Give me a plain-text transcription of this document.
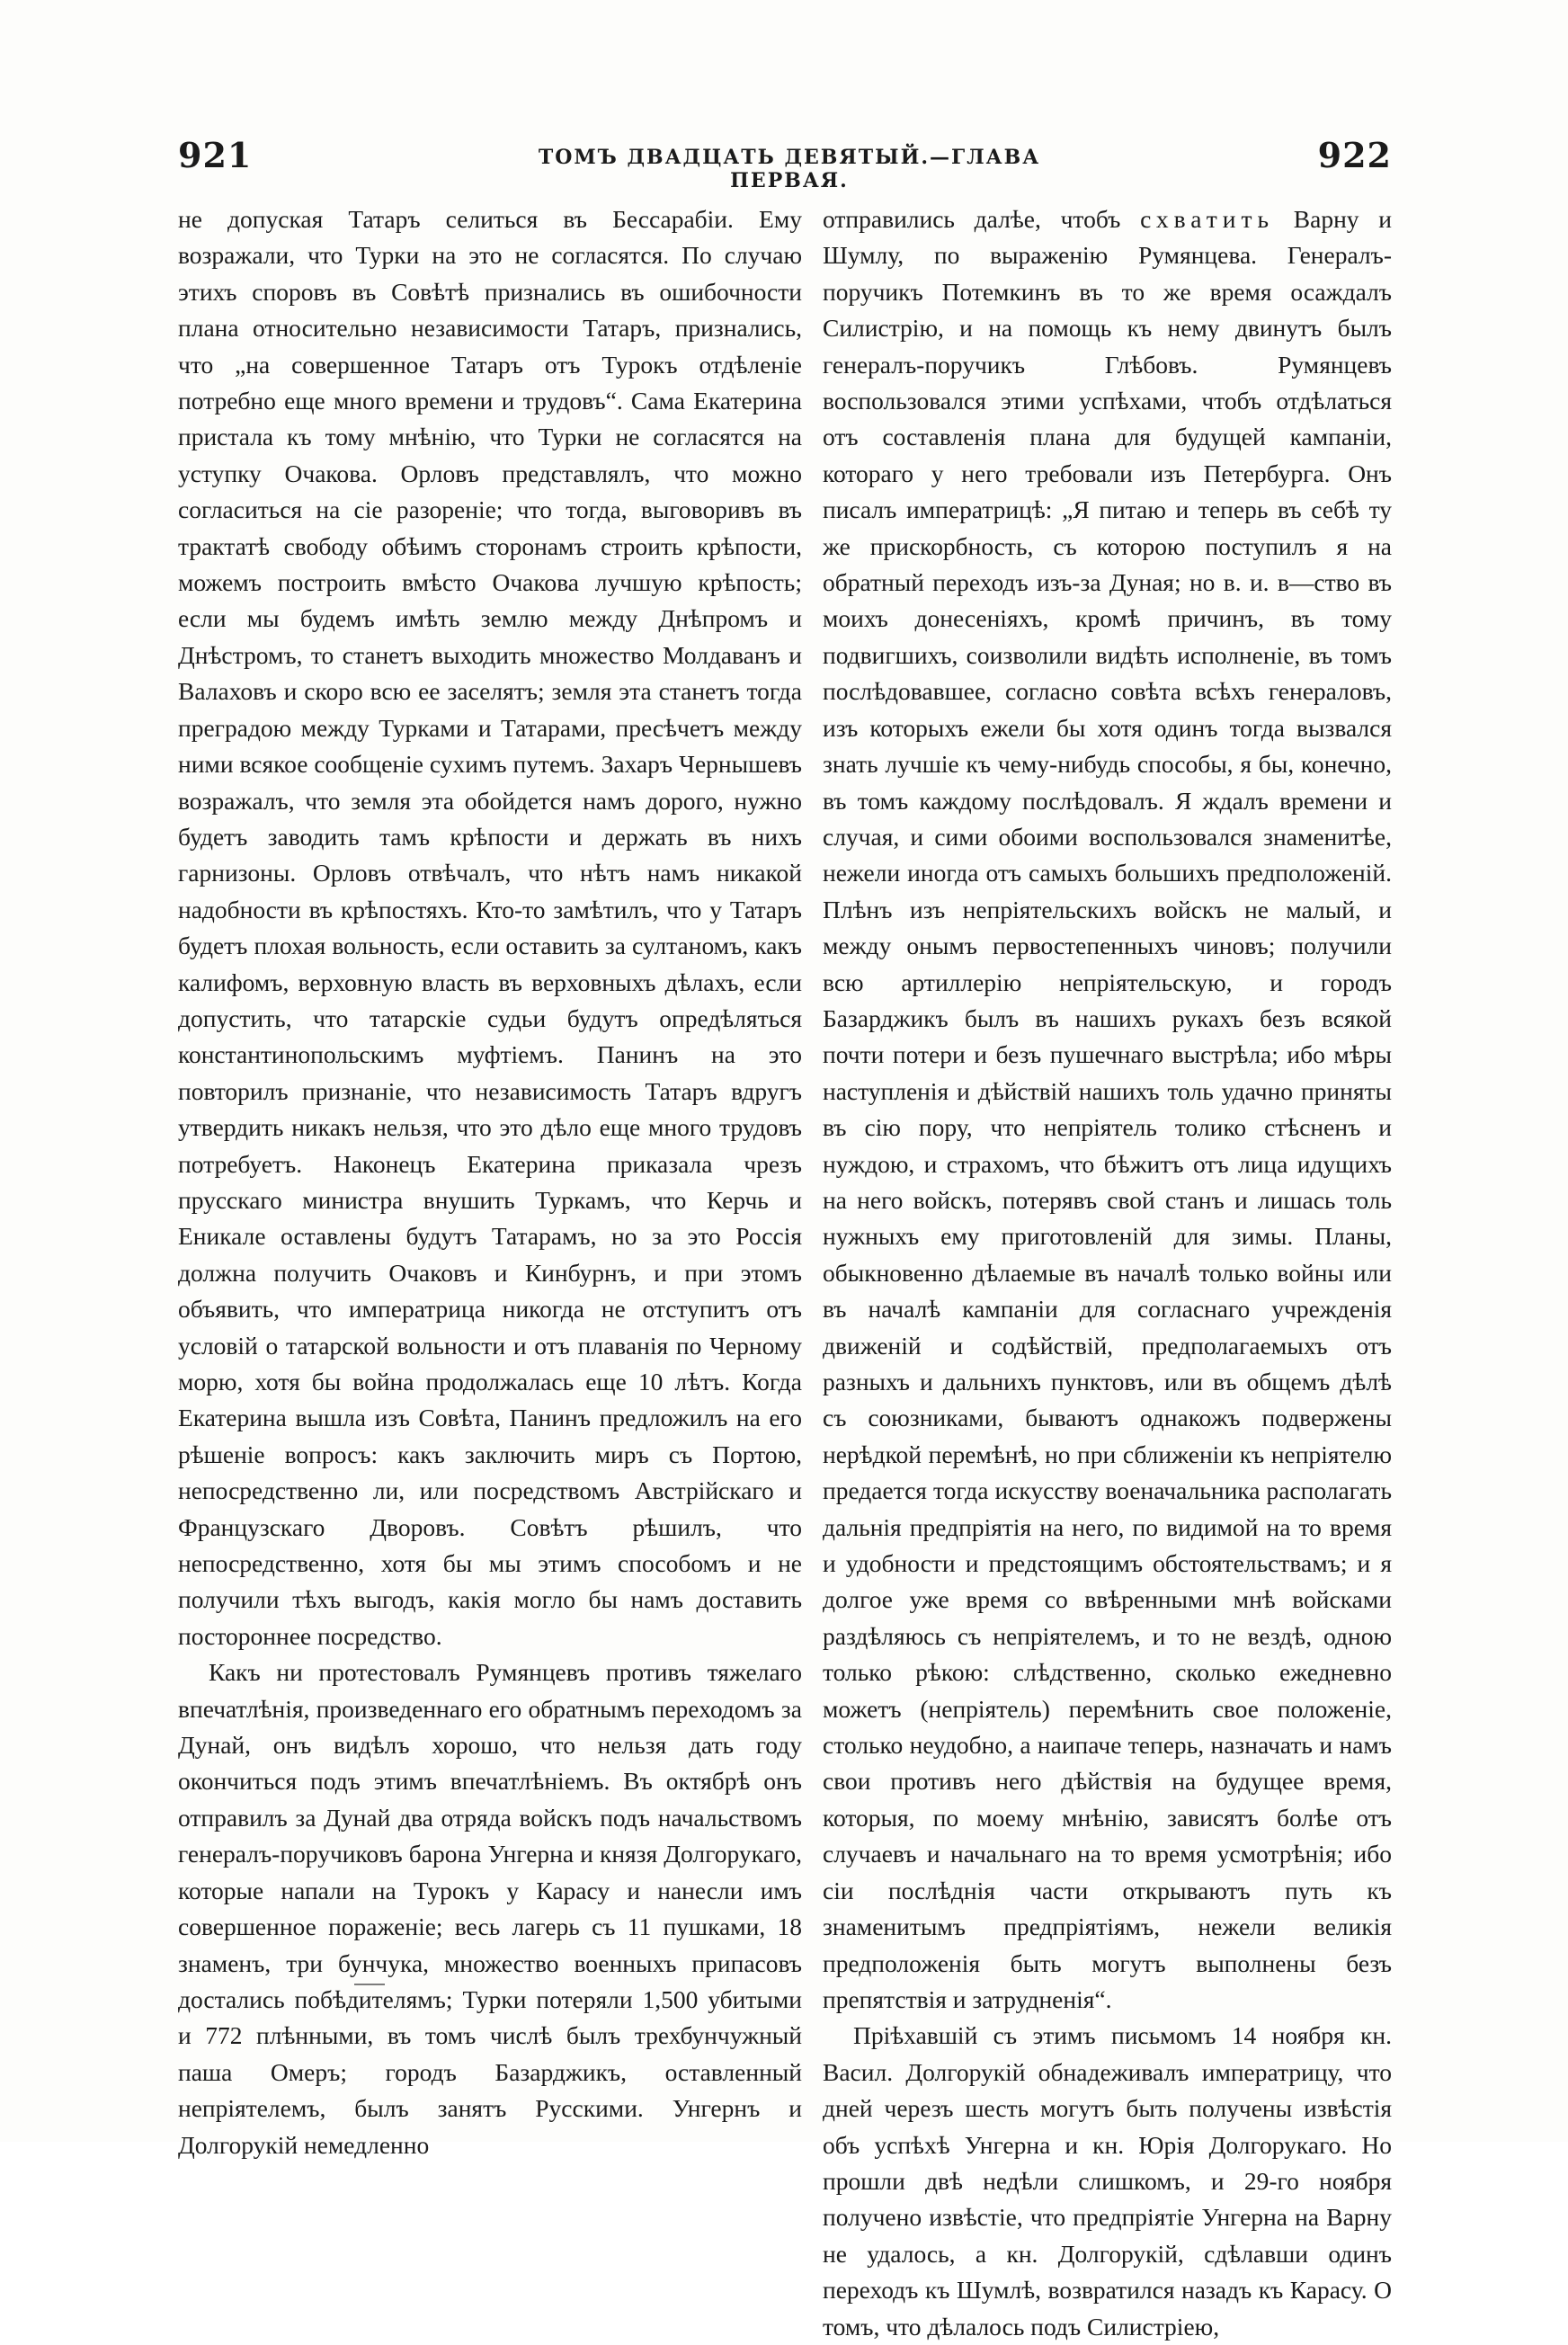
921	ТОМЪ ДВАДЦАТЬ ДЕВЯТЫЙ.—ГЛАВА ПЕРВАЯ.
922

не допуская Татаръ селиться въ Бессарабіи. Ему возражали, что Турки на это не согласятся. По случаю этихъ споровъ въ Совѣтѣ признались въ ошибочности плана относительно независимости Татаръ, признались, что „на совершенное Татаръ отъ Турокъ отдѣленіе потребно еще много времени и трудовъ“. Сама Екатерина пристала къ тому мнѣнію, что Турки не согласятся на уступку Очакова. Орловъ представлялъ, что можно согласиться на сіе разореніе; что тогда, выговоривъ въ трактатѣ свободу обѣимъ сторонамъ строить крѣпости, можемъ построить вмѣсто Очакова лучшую крѣпость; если мы будемъ имѣть землю между Днѣпромъ и Днѣстромъ, то станетъ выходить множество Молдаванъ и Валаховъ и скоро всю ее заселятъ; земля эта станетъ тогда преградою между Турками и Татарами, пресѣчетъ между ними всякое сообщеніе сухимъ путемъ. Захаръ Чернышевъ возражалъ, что земля эта обойдется намъ дорого, нужно будетъ заводить тамъ крѣпости и держать въ нихъ гарнизоны. Орловъ отвѣчалъ, что нѣтъ намъ никакой надобности въ крѣпостяхъ. Кто-то замѣтилъ, что у Татаръ будетъ плохая вольность, если оставить за султаномъ, какъ калифомъ, верховную власть въ верховныхъ дѣлахъ, если допустить, что татарскіе судьи будутъ опредѣляться константинопольскимъ муфтіемъ. Панинъ на это повторилъ признаніе, что независимость Татаръ вдругъ утвердить никакъ нельзя, что это дѣло еще много трудовъ потребуетъ. Наконецъ Екатерина приказала чрезъ прусскаго министра внушить Туркамъ, что Керчь и Еникале оставлены будутъ Татарамъ, но за это Россія должна получить Очаковъ и Кинбурнъ, и при этомъ объявить, что императрица никогда не отступитъ отъ условій о татарской вольности и отъ плаванія по Черному морю, хотя бы война продолжалась еще 10 лѣтъ. Когда Екатерина вышла изъ Совѣта, Панинъ предложилъ на его рѣшеніе вопросъ: какъ заключить миръ съ Портою, непосредственно ли, или посредствомъ Австрійскаго и Французскаго Дворовъ. Совѣтъ рѣшилъ, что непосредственно, хотя бы мы этимъ способомъ и не получили тѣхъ выгодъ, какія могло бы намъ доставить постороннее посредство.

Какъ ни протестовалъ Румянцевъ противъ тяжелаго впечатлѣнія, произведеннаго его обратнымъ переходомъ за Дунай, онъ видѣлъ хорошо, что нельзя дать году окончиться подъ этимъ впечатлѣніемъ. Въ октябрѣ онъ отправилъ за Дунай два отряда войскъ подъ начальствомъ генералъ-поручиковъ барона Унгерна и князя Долгорукаго, которые напали на Турокъ у Карасу и нанесли имъ совершенное пораженіе; весь лагерь съ 11 пушками, 18 знаменъ, три бунчука, множество военныхъ припасовъ достались побѣдителямъ; Турки потеряли 1,500 убитыми и 772 плѣнными, въ томъ числѣ былъ трехбунчужный паша Омеръ; городъ Базарджикъ, оставленный непріятелемъ, былъ занятъ Русскими. Унгернъ и Долгорукій немедленно

отправились далѣе, чтобъ схватить Варну и Шумлу, по выраженію Румянцева. Генералъ-поручикъ Потемкинъ въ то же время осаждалъ Силистрію, и на помощь къ нему двинутъ былъ генералъ-поручикъ Глѣбовъ. Румянцевъ воспользовался этими успѣхами, чтобъ отдѣлаться отъ составленія плана для будущей кампаніи, котораго у него требовали изъ Петербурга. Онъ писалъ императрицѣ: „Я питаю и теперь въ себѣ ту же прискорбность, съ которою поступилъ я на обратный переходъ изъ-за Дуная; но в. и. в—ство въ моихъ донесеніяхъ, кромѣ причинъ, въ тому подвигшихъ, соизволили видѣть исполненіе, въ томъ послѣдовавшее, согласно совѣта всѣхъ генераловъ, изъ которыхъ ежели бы хотя одинъ тогда вызвался знать лучшіе къ чему-нибудь способы, я бы, конечно, въ томъ каждому послѣдовалъ. Я ждалъ времени и случая, и сими обоими воспользовался знаменитѣе, нежели иногда отъ самыхъ большихъ предположеній. Плѣнъ изъ непріятельскихъ войскъ не малый, и между онымъ первостепенныхъ чиновъ; получили всю артиллерію непріятельскую, и городъ Базарджикъ былъ въ нашихъ рукахъ безъ всякой почти потери и безъ пушечнаго выстрѣла; ибо мѣры наступленія и дѣйствій нашихъ толь удачно приняты въ сію пору, что непріятель толико стѣсненъ и нуждою, и страхомъ, что бѣжитъ отъ лица идущихъ на него войскъ, потерявъ свой станъ и лишась толь нужныхъ ему приготовленій для зимы. Планы, обыкновенно дѣлаемые въ началѣ только войны или въ началѣ кампаніи для согласнаго учрежденія движеній и содѣйствій, предполагаемыхъ отъ разныхъ и дальнихъ пунктовъ, или въ общемъ дѣлѣ съ союзниками, бываютъ однакожъ подвержены нерѣдкой перемѣнѣ, но при сближеніи къ непріятелю предается тогда искусству военачальника располагать дальнія предпріятія на него, по видимой на то время и удобности и предстоящимъ обстоятельствамъ; и я долгое уже время со ввѣренными мнѣ войсками раздѣляюсь съ непріятелемъ, и то не вездѣ, одною только рѣкою: слѣдственно, сколько ежедневно можетъ (непріятель) перемѣнить свое положеніе, столько неудобно, а наипаче теперь, назначать и намъ свои противъ него дѣйствія на будущее время, которыя, по моему мнѣнію, зависятъ болѣе отъ случаевъ и начальнаго на то время усмотрѣнія; ибо сіи послѣднія части открываютъ путь къ знаменитымъ предпріятіямъ, нежели великія предположенія быть могутъ выполнены безъ препятствія и затрудненія“.

Пріѣхавшій съ этимъ письмомъ 14 ноября кн. Васил. Долгорукій обнадеживалъ императрицу, что дней черезъ шесть могутъ быть получены извѣстія объ успѣхѣ Унгерна и кн. Юрія Долгорукаго. Но прошли двѣ недѣли слишкомъ, и 29-го ноября получено извѣстіе, что предпріятіе Унгерна на Варну не удалось, а кн. Долгорукій, сдѣлавши одинъ переходъ къ Шумлѣ, возвратился назадъ къ Карасу. О томъ, что дѣлалось подъ Силистріею,
